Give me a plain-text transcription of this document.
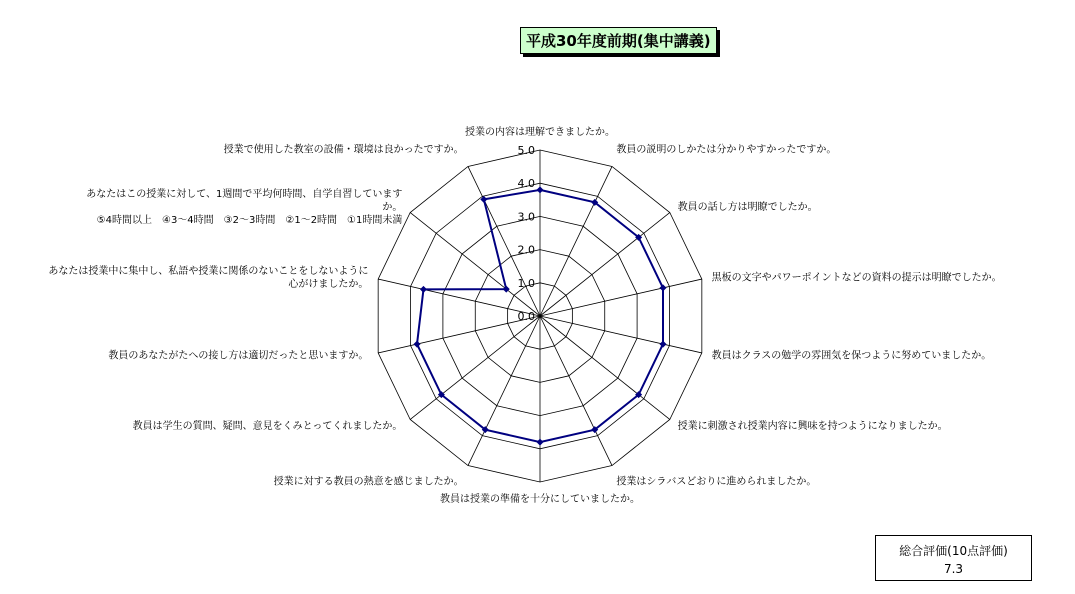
平成30年度前期(集中講義)
0.0
1.0
2.0
3.0
4.0
5.0
授業の内容は理解できましたか。
教員の説明のしかたは分かりやすかったですか。
教員の話し方は明瞭でしたか。
黒板の文字やパワーポイントなどの資料の提示は明瞭でしたか。
教員はクラスの勉学の雰囲気を保つように努めていましたか。
授業に刺激され授業内容に興味を持つようになりましたか。
授業はシラバスどおりに進められましたか。
教員は授業の準備を十分にしていましたか。
授業に対する教員の熱意を感じましたか。
教員は学生の質問、疑問、意見をくみとってくれましたか。
教員のあなたがたへの接し方は適切だったと思いますか。
あなたは授業中に集中し、私語や授業に関係のないことをしないように心がけましたか。
あなたはこの授業に対して、1週間で平均何時間、自学自習していますか。 ⑤4時間以上　④3～4時間　③2～3時間　②1～2時間　①1時間未満
授業で使用した教室の設備・環境は良かったですか。
総合評価(10点評価)
7.3
